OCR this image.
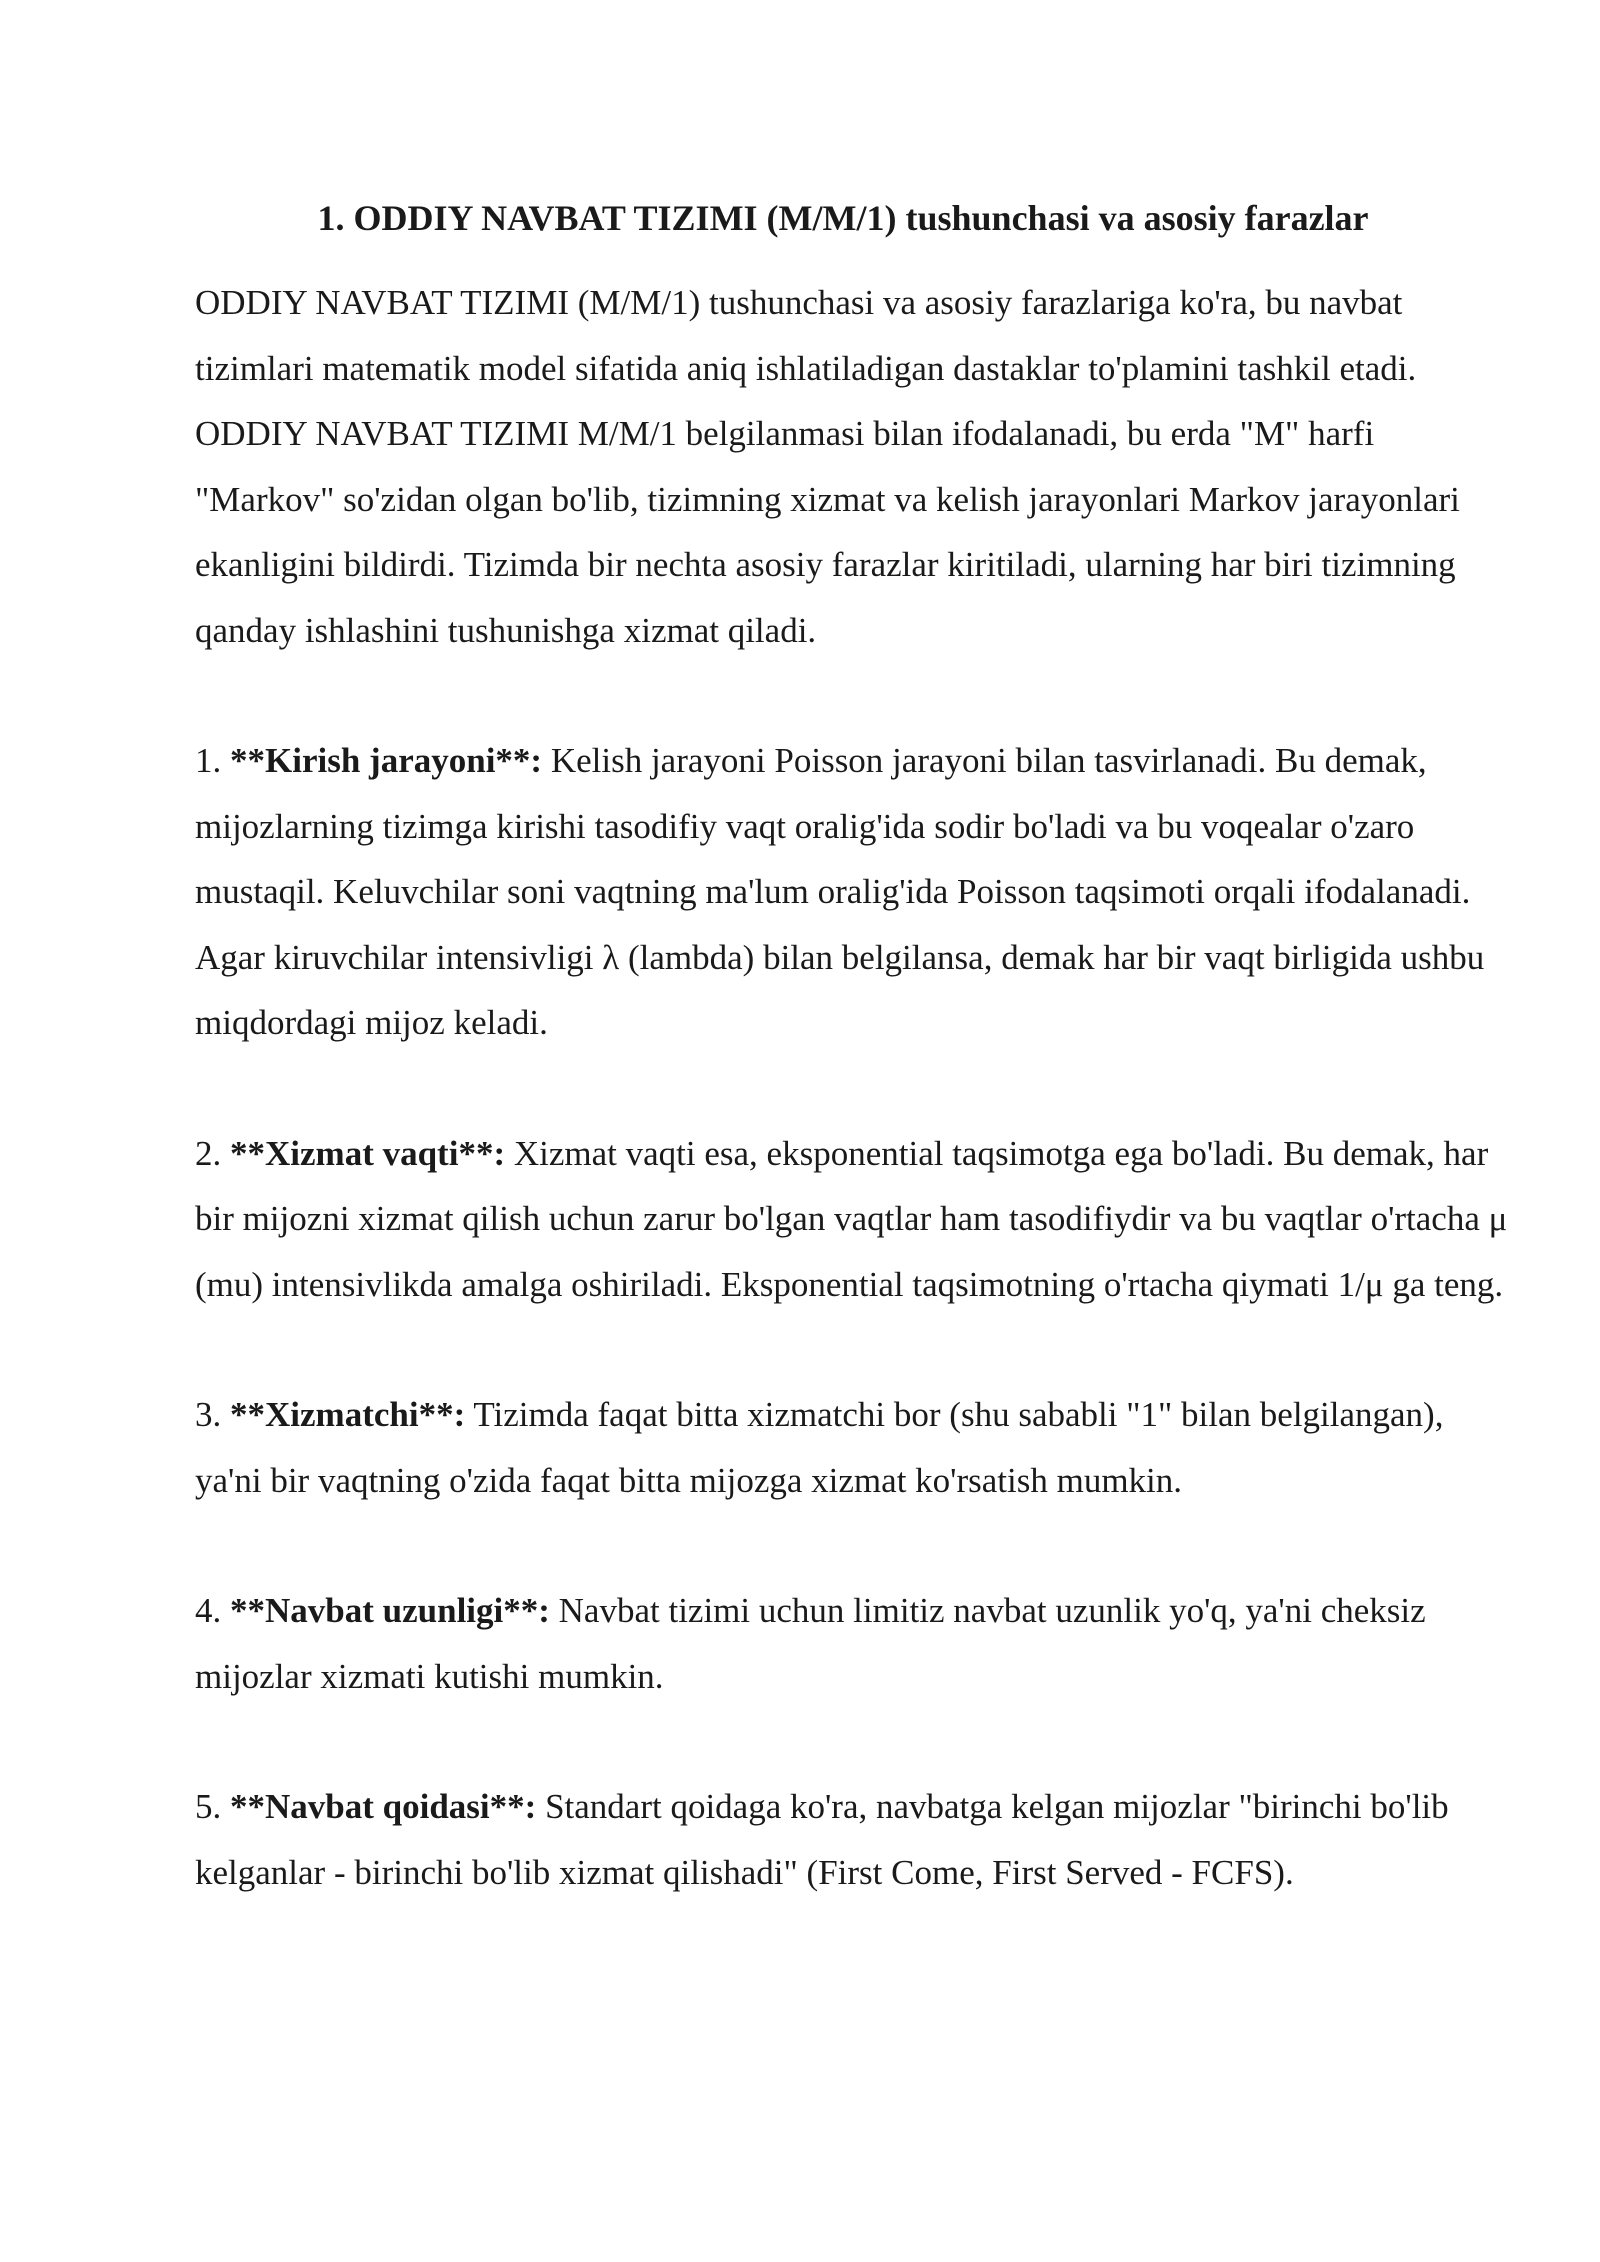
1. ODDIY NAVBAT TIZIMI (M/M/1) tushunchasi va asosiy farazlar

ODDIY NAVBAT TIZIMI (M/M/1) tushunchasi va asosiy farazlariga ko'ra, bu navbat tizimlari matematik model sifatida aniq ishlatiladigan dastaklar to'plamini tashkil etadi. ODDIY NAVBAT TIZIMI M/M/1 belgilanmasi bilan ifodalanadi, bu erda "M" harfi "Markov" so'zidan olgan bo'lib, tizimning xizmat va kelish jarayonlari Markov jarayonlari ekanligini bildirdi. Tizimda bir nechta asosiy farazlar kiritiladi, ularning har biri tizimning qanday ishlashini tushunishga xizmat qiladi.

1. **Kirish jarayoni**: Kelish jarayoni Poisson jarayoni bilan tasvirlanadi. Bu demak, mijozlarning tizimga kirishi tasodifiy vaqt oralig'ida sodir bo'ladi va bu voqealar o'zaro mustaqil. Keluvchilar soni vaqtning ma'lum oralig'ida Poisson taqsimoti orqali ifodalanadi. Agar kiruvchilar intensivligi λ (lambda) bilan belgilansa, demak har bir vaqt birligida ushbu miqdordagi mijoz keladi.

2. **Xizmat vaqti**: Xizmat vaqti esa, eksponential taqsimotga ega bo'ladi. Bu demak, har bir mijozni xizmat qilish uchun zarur bo'lgan vaqtlar ham tasodifiydir va bu vaqtlar o'rtacha μ (mu) intensivlikda amalga oshiriladi. Eksponential taqsimotning o'rtacha qiymati 1/μ ga teng.

3. **Xizmatchi**: Tizimda faqat bitta xizmatchi bor (shu sababli "1" bilan belgilangan), ya'ni bir vaqtning o'zida faqat bitta mijozga xizmat ko'rsatish mumkin.

4. **Navbat uzunligi**: Navbat tizimi uchun limitiz navbat uzunlik yo'q, ya'ni cheksiz mijozlar xizmati kutishi mumkin.

5. **Navbat qoidasi**: Standart qoidaga ko'ra, navbatga kelgan mijozlar "birinchi bo'lib kelganlar - birinchi bo'lib xizmat qilishadi" (First Come, First Served - FCFS).
